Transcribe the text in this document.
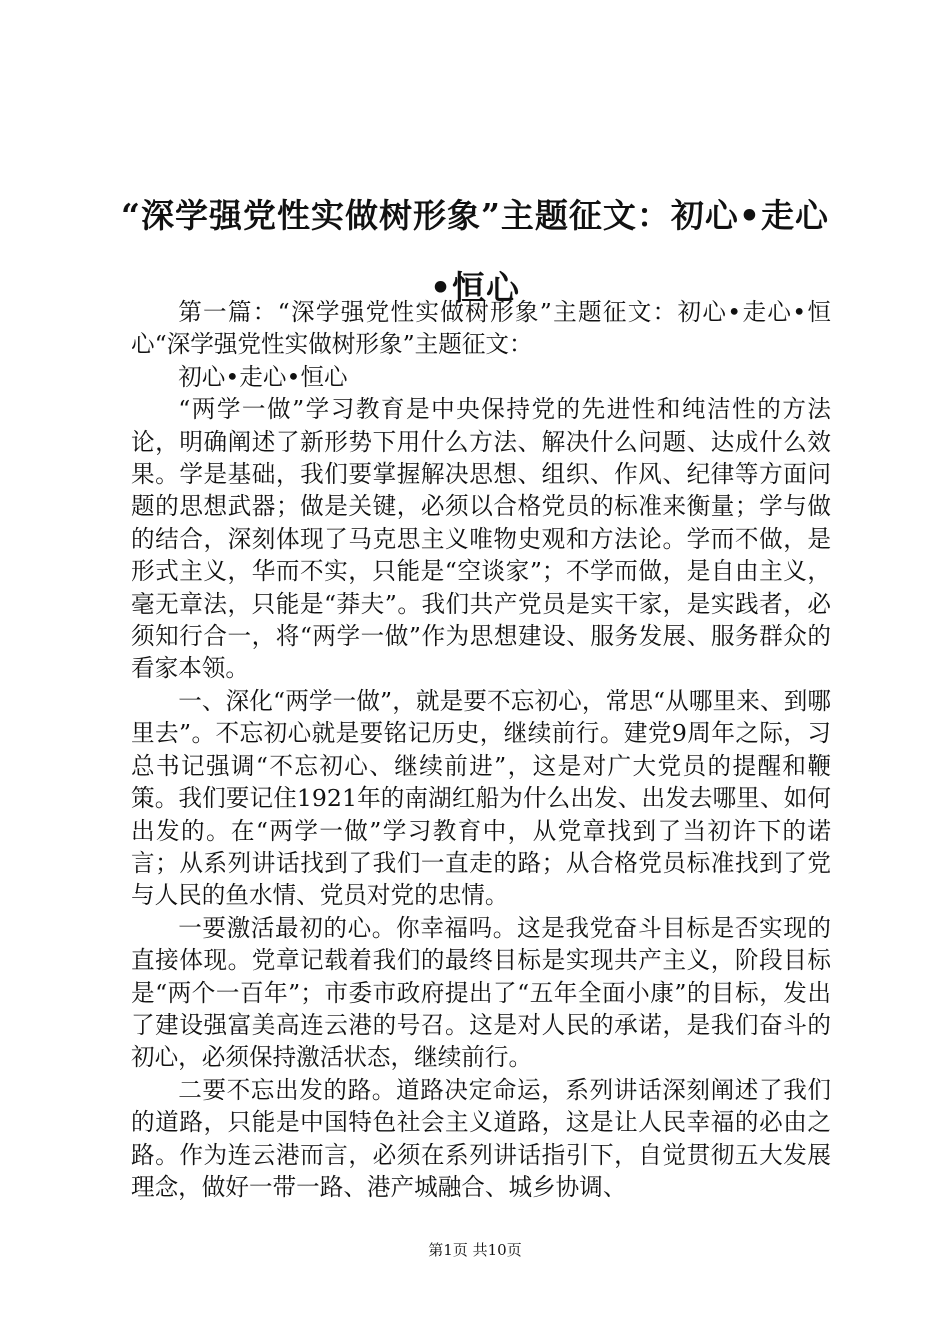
“深学强党性实做树形象”主题征文：初心•走心•恒心

第一篇：“深学强党性实做树形象”主题征文：初心•走心•恒心“深学强党性实做树形象”主题征文：

初心•走心•恒心

“两学一做”学习教育是中央保持党的先进性和纯洁性的方法论，明确阐述了新形势下用什么方法、解决什么问题、达成什么效果。学是基础，我们要掌握解决思想、组织、作风、纪律等方面问题的思想武器；做是关键，必须以合格党员的标准来衡量；学与做的结合，深刻体现了马克思主义唯物史观和方法论。学而不做，是形式主义，华而不实，只能是“空谈家”；不学而做，是自由主义，毫无章法，只能是“莽夫”。我们共产党员是实干家，是实践者，必须知行合一，将“两学一做”作为思想建设、服务发展、服务群众的看家本领。

一、深化“两学一做”，就是要不忘初心，常思“从哪里来、到哪里去”。不忘初心就是要铭记历史，继续前行。建党9周年之际，习总书记强调“不忘初心、继续前进”，这是对广大党员的提醒和鞭策。我们要记住1921年的南湖红船为什么出发、出发去哪里、如何出发的。在“两学一做”学习教育中，从党章找到了当初许下的诺言；从系列讲话找到了我们一直走的路；从合格党员标准找到了党与人民的鱼水情、党员对党的忠情。

一要激活最初的心。你幸福吗。这是我党奋斗目标是否实现的直接体现。党章记载着我们的最终目标是实现共产主义，阶段目标是“两个一百年”；市委市政府提出了“五年全面小康”的目标，发出了建设强富美高连云港的号召。这是对人民的承诺，是我们奋斗的初心，必须保持激活状态，继续前行。

二要不忘出发的路。道路决定命运，系列讲话深刻阐述了我们的道路，只能是中国特色社会主义道路，这是让人民幸福的必由之路。作为连云港而言，必须在系列讲话指引下，自觉贯彻五大发展理念，做好一带一路、港产城融合、城乡协调、

第1页 共10页
